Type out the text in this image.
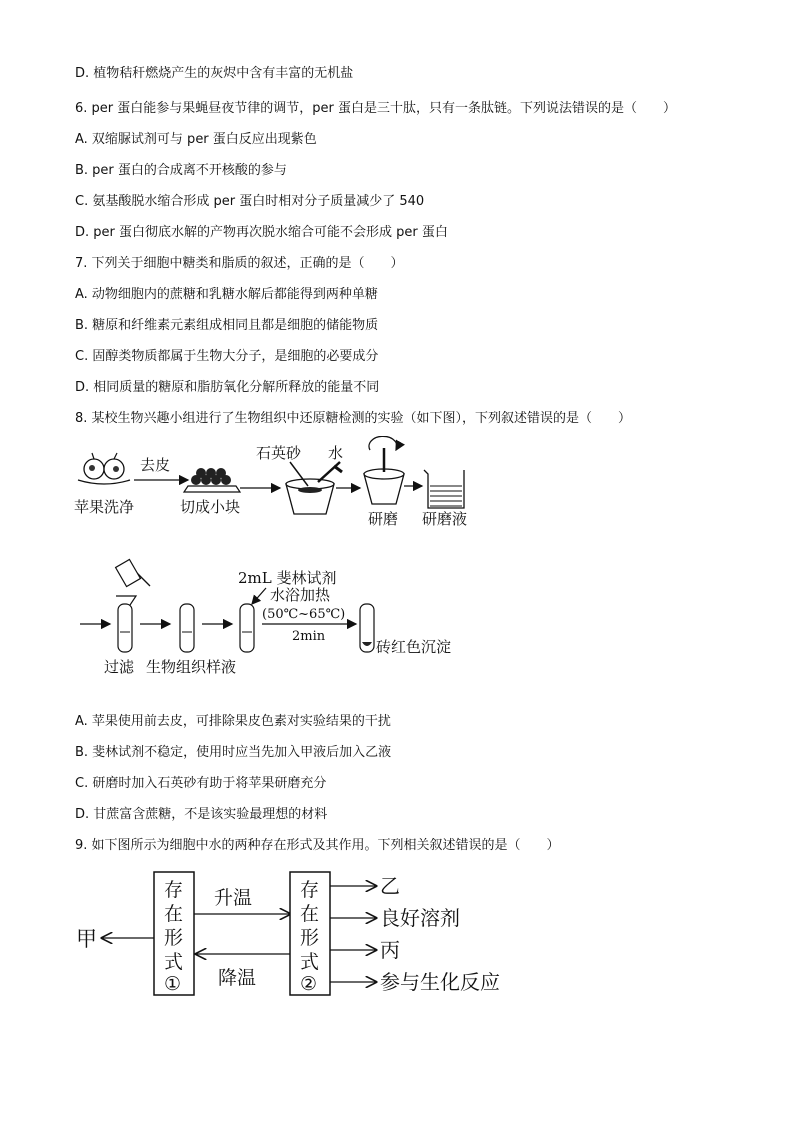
D. 植物秸秆燃烧产生的灰烬中含有丰富的无机盐
6. per 蛋白能参与果蝇昼夜节律的调节，per 蛋白是三十肽，只有一条肽链。下列说法错误的是（　　）
A. 双缩脲试剂可与 per 蛋白反应出现紫色
B. per 蛋白的合成离不开核酸的参与
C. 氨基酸脱水缩合形成 per 蛋白时相对分子质量减少了 540
D. per 蛋白彻底水解的产物再次脱水缩合可能不会形成 per 蛋白
7. 下列关于细胞中糖类和脂质的叙述，正确的是（　　）
A. 动物细胞内的蔗糖和乳糖水解后都能得到两种单糖
B. 糖原和纤维素元素组成相同且都是细胞的储能物质
C. 固醇类物质都属于生物大分子，是细胞的必要成分
D. 相同质量的糖原和脂肪氧化分解所释放的能量不同
8. 某校生物兴趣小组进行了生物组织中还原糖检测的实验（如下图），下列叙述错误的是（　　）
苹果洗净
去皮
切成小块
石英砂 水
研磨 研磨液
过滤 生物组织样液
2mL 斐林试剂
水浴加热
(50℃~65℃)
2min
砖红色沉淀
A. 苹果使用前去皮，可排除果皮色素对实验结果的干扰
B. 斐林试剂不稳定，使用时应当先加入甲液后加入乙液
C. 研磨时加入石英砂有助于将苹果研磨充分
D. 甘蔗富含蔗糖，不是该实验最理想的材料
9. 如下图所示为细胞中水的两种存在形式及其作用。下列相关叙述错误的是（　　）
甲
存
在
形
式
①
升温
降温
存
在
形
式
②
乙
良好溶剂
丙
参与生化反应
